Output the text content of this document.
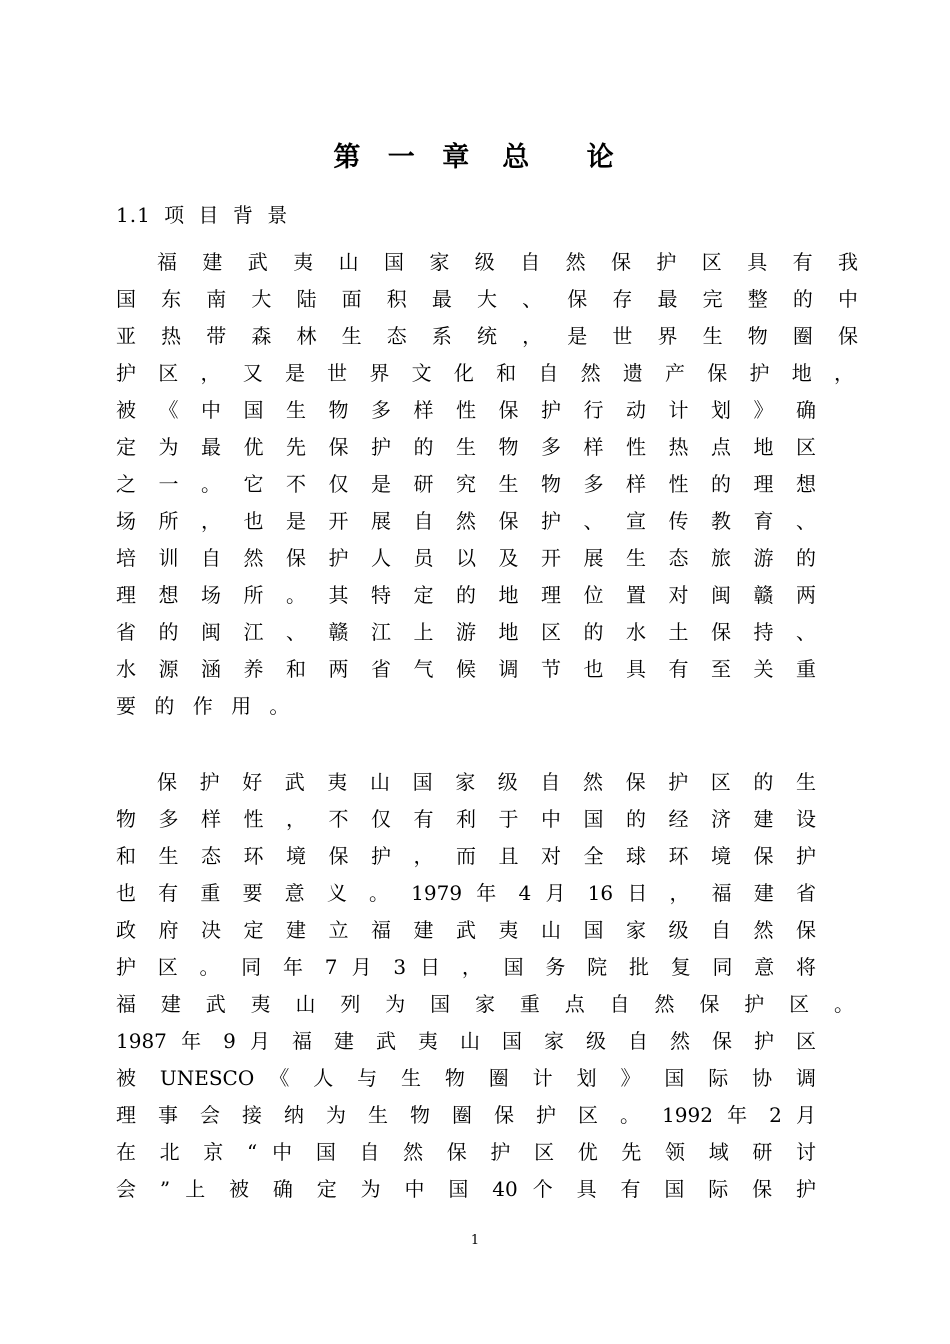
第 一 章　总　 论
1.1 项 目 背 景
福 建 武 夷 山 国 家 级 自 然 保 护 区 具 有 我
国 东 南 大 陆 面 积 最 大 、 保 存 最 完 整 的 中
亚 热 带 森 林 生 态 系 统 ， 是 世 界 生 物 圈 保
护 区 ， 又 是 世 界 文 化 和 自 然 遗 产 保 护 地 ，
被 《 中 国 生 物 多 样 性 保 护 行 动 计 划 》 确
定 为 最 优 先 保 护 的 生 物 多 样 性 热 点 地 区
之 一 。 它 不 仅 是 研 究 生 物 多 样 性 的 理 想
场 所 ， 也 是 开 展 自 然 保 护 、 宣 传 教 育 、
培 训 自 然 保 护 人 员 以 及 开 展 生 态 旅 游 的
理 想 场 所 。 其 特 定 的 地 理 位 置 对 闽 赣 两
省 的 闽 江 、 赣 江 上 游 地 区 的 水 土 保 持 、
水 源 涵 养 和 两 省 气 候 调 节 也 具 有 至 关 重
要 的 作 用 。
保 护 好 武 夷 山 国 家 级 自 然 保 护 区 的 生
物 多 样 性 ， 不 仅 有 利 于 中 国 的 经 济 建 设
和 生 态 环 境 保 护 ， 而 且 对 全 球 环 境 保 护
也 有 重 要 意 义 。 1979 年 4 月 16 日 ， 福 建 省
政 府 决 定 建 立 福 建 武 夷 山 国 家 级 自 然 保
护 区 。 同 年 7 月 3 日 ， 国 务 院 批 复 同 意 将
福 建 武 夷 山 列 为 国 家 重 点 自 然 保 护 区 。
1987 年 9 月 福 建 武 夷 山 国 家 级 自 然 保 护 区
被 UNESCO 《 人 与 生 物 圈 计 划 》 国 际 协 调
理 事 会 接 纳 为 生 物 圈 保 护 区 。 1992 年 2 月
在 北 京 “ 中 国 自 然 保 护 区 优 先 领 域 研 讨
会 ” 上 被 确 定 为 中 国 40 个 具 有 国 际 保 护
1
